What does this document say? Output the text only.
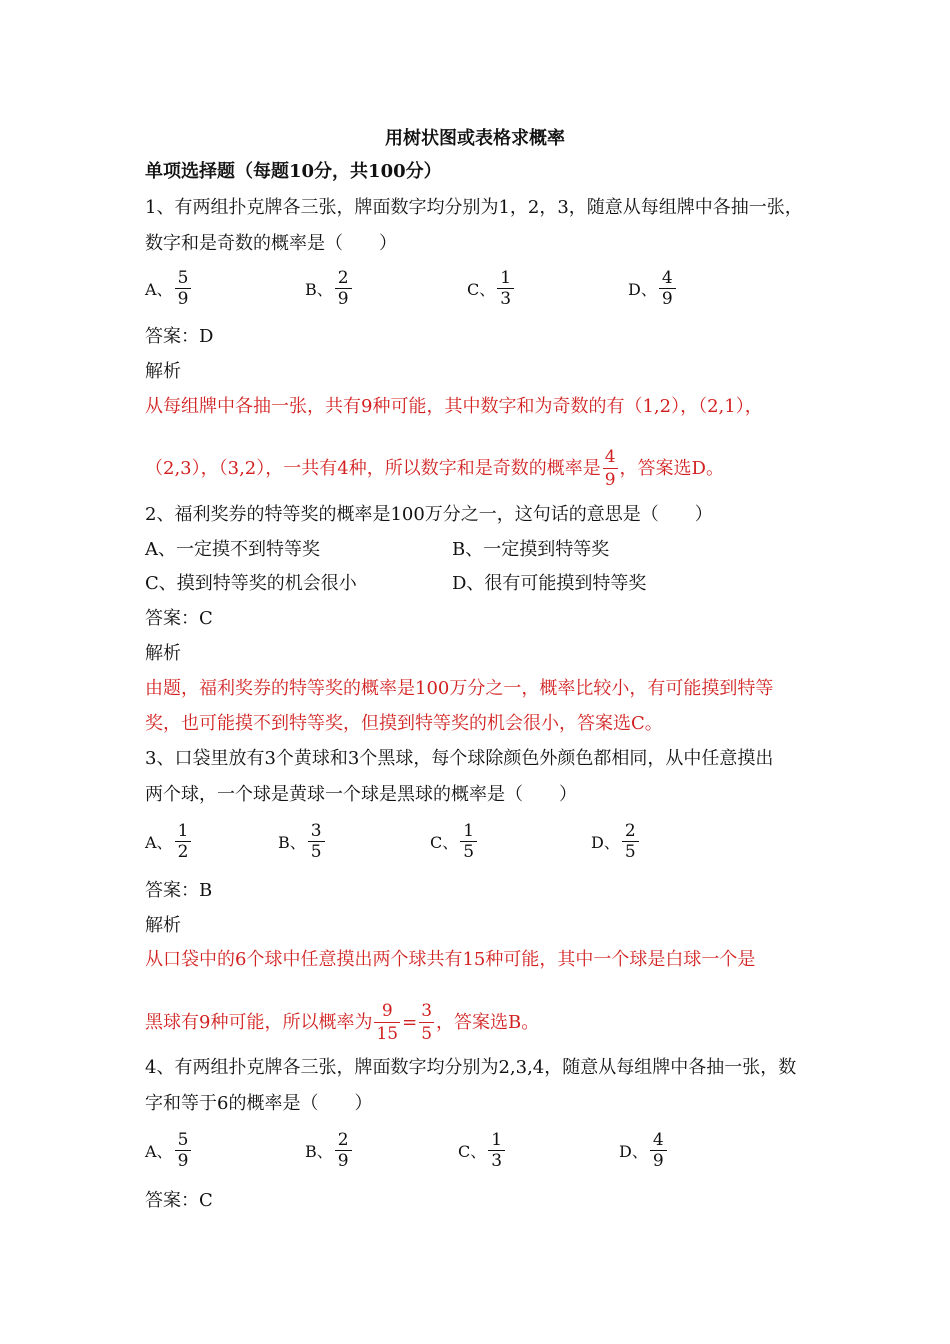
用树状图或表格求概率
单项选择题（每题10分，共100分）
1、有两组扑克牌各三张，牌面数字均分别为1，2，3，随意从每组牌中各抽一张，
数字和是奇数的概率是（　　）
A、 $\frac{5}{9}$	B、 $\frac{2}{9}$	C、 $\frac{1}{3}$	D、 $\frac{4}{9}$
答案：D
解析
从每组牌中各抽一张，共有9种可能，其中数字和为奇数的有（1,2），（2,1），
（2,3），（3,2），一共有4种，所以数字和是奇数的概率是 $\frac{4}{9}$ ，答案选D。
2、福利奖券的特等奖的概率是100万分之一，这句话的意思是（　　）
A、一定摸不到特等奖	B、一定摸到特等奖
C、摸到特等奖的机会很小	D、很有可能摸到特等奖
答案：C
解析
由题，福利奖券的特等奖的概率是100万分之一，概率比较小，有可能摸到特等
奖，也可能摸不到特等奖，但摸到特等奖的机会很小，答案选C。
3、口袋里放有3个黄球和3个黑球，每个球除颜色外颜色都相同，从中任意摸出
两个球，一个球是黄球一个球是黑球的概率是（　　）
A、 $\frac{1}{2}$	B、 $\frac{3}{5}$	C、 $\frac{1}{5}$	D、 $\frac{2}{5}$
答案：B
解析
从口袋中的6个球中任意摸出两个球共有15种可能，其中一个球是白球一个是
黑球有9种可能，所以概率为 $\frac{9}{15} = \frac{3}{5}$ ，答案选B。
4、有两组扑克牌各三张，牌面数字均分别为2,3,4，随意从每组牌中各抽一张，数
字和等于6的概率是（　　）
A、 $\frac{5}{9}$	B、 $\frac{2}{9}$	C、 $\frac{1}{3}$	D、 $\frac{4}{9}$
答案：C
